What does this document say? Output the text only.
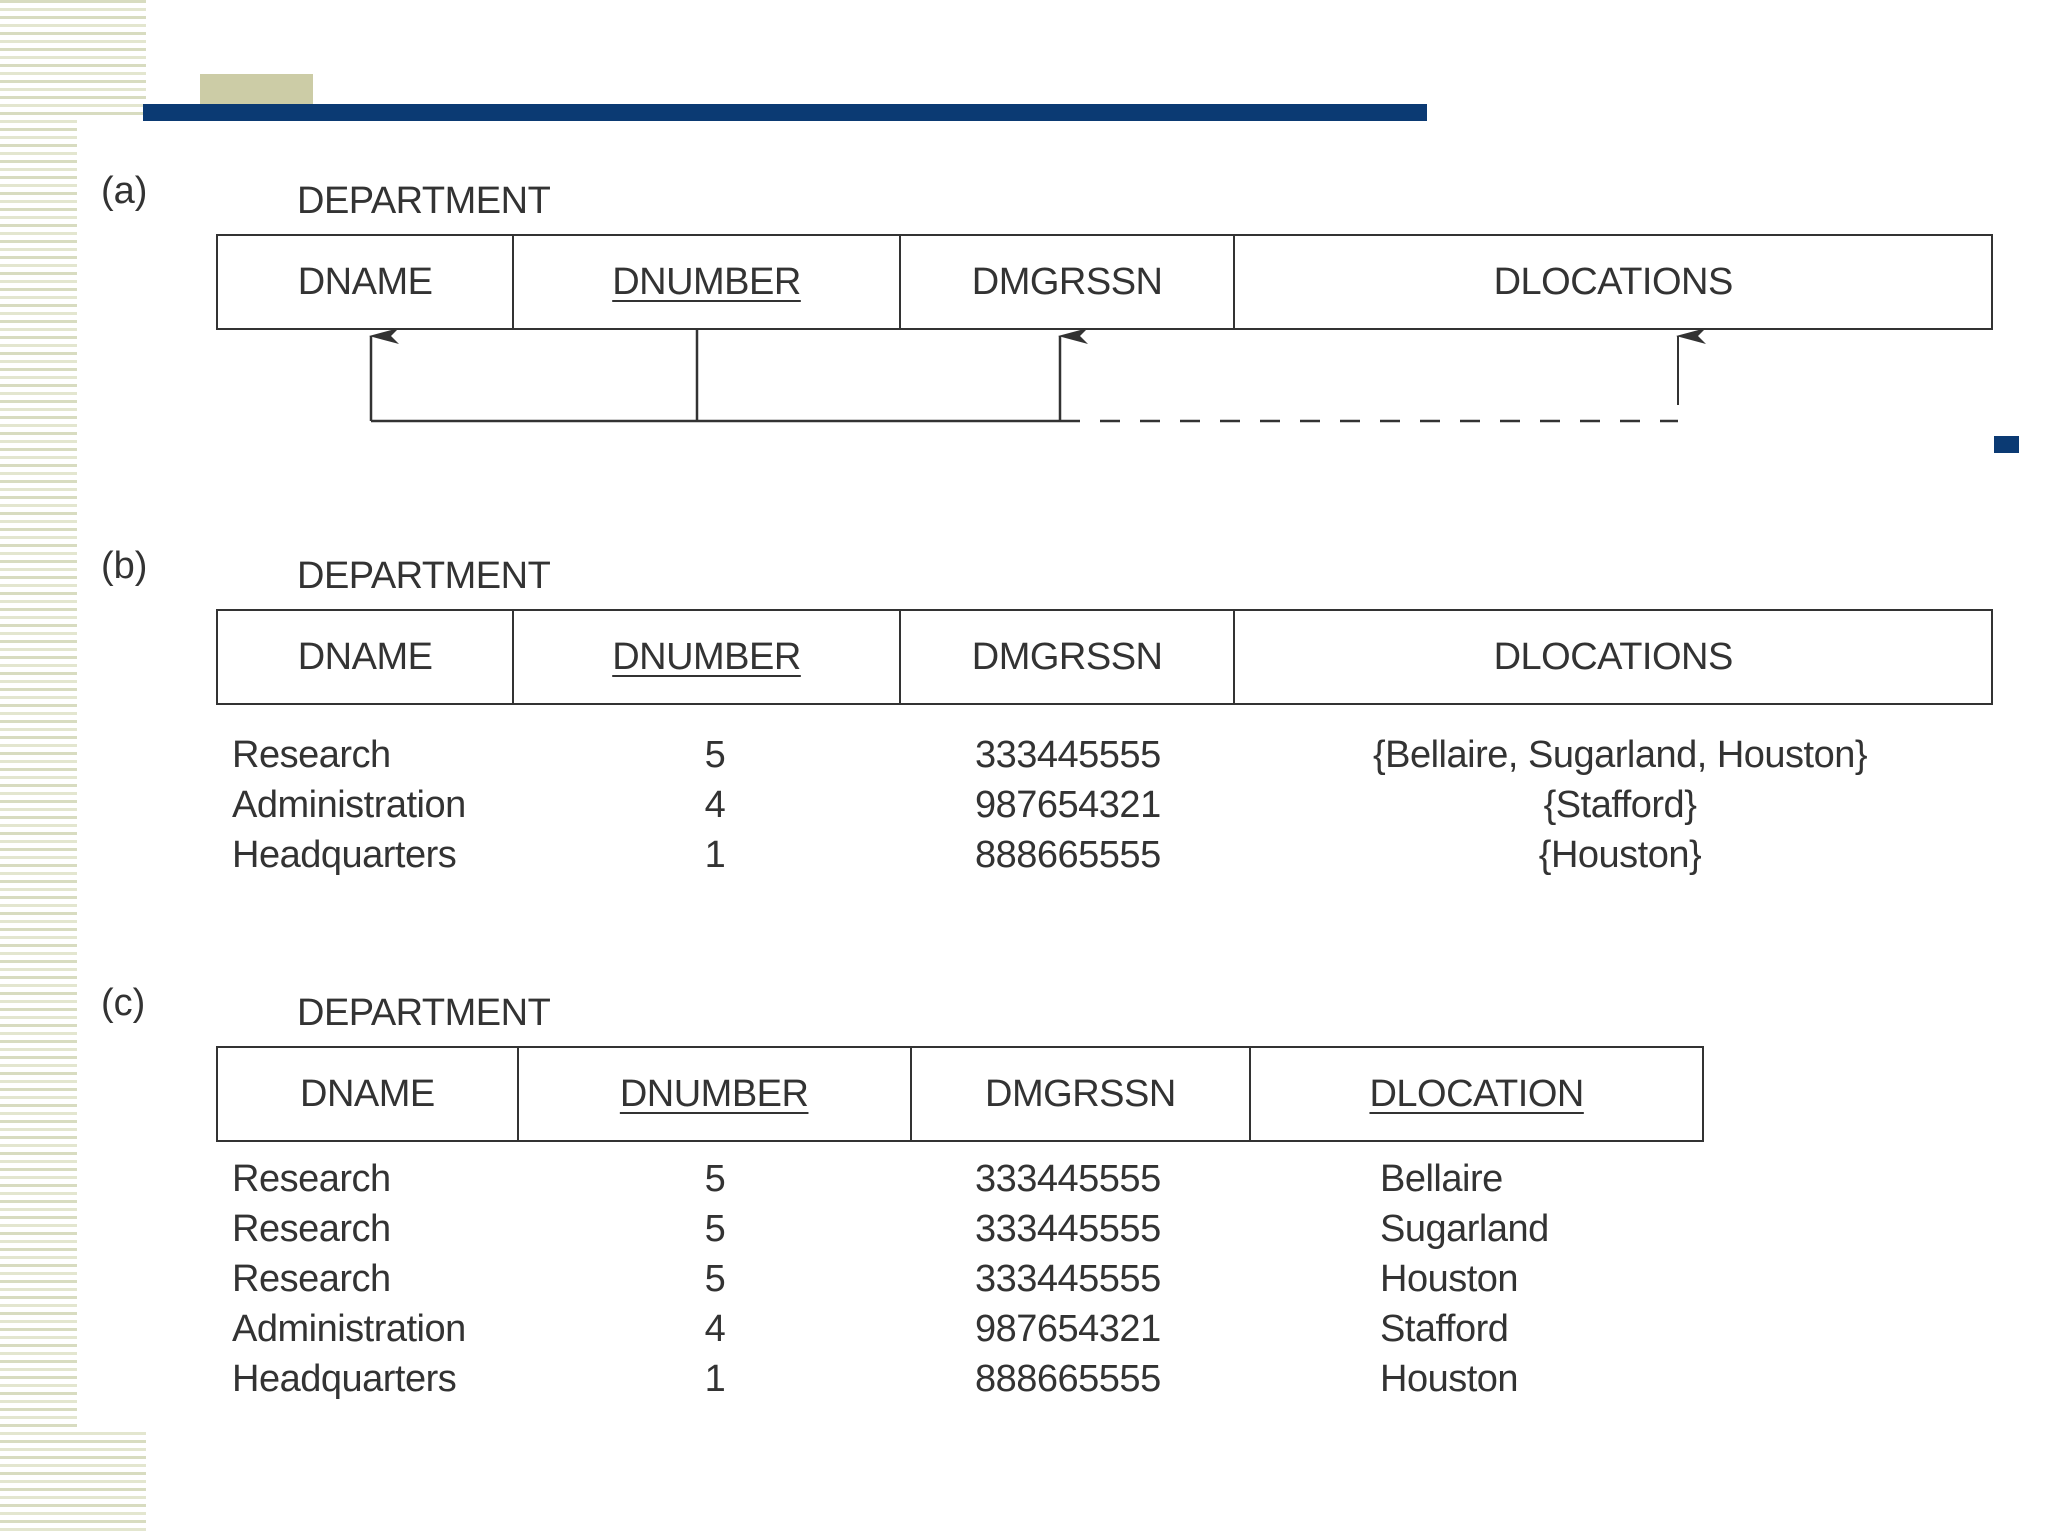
(a)	DEPARTMENT
DNAME	DNUMBER	DMGRSSN	DLOCATIONS
(b)	DEPARTMENT
DNAME	DNUMBER	DMGRSSN	DLOCATIONS
Research	5	333445555	{Bellaire, Sugarland, Houston}
Administration	4	987654321	{Stafford}
Headquarters	1	888665555	{Houston}
(c)	DEPARTMENT
DNAME	DNUMBER	DMGRSSN	DLOCATION
Research	5	333445555	Bellaire
Research	5	333445555	Sugarland
Research	5	333445555	Houston
Administration	4	987654321	Stafford
Headquarters	1	888665555	Houston
